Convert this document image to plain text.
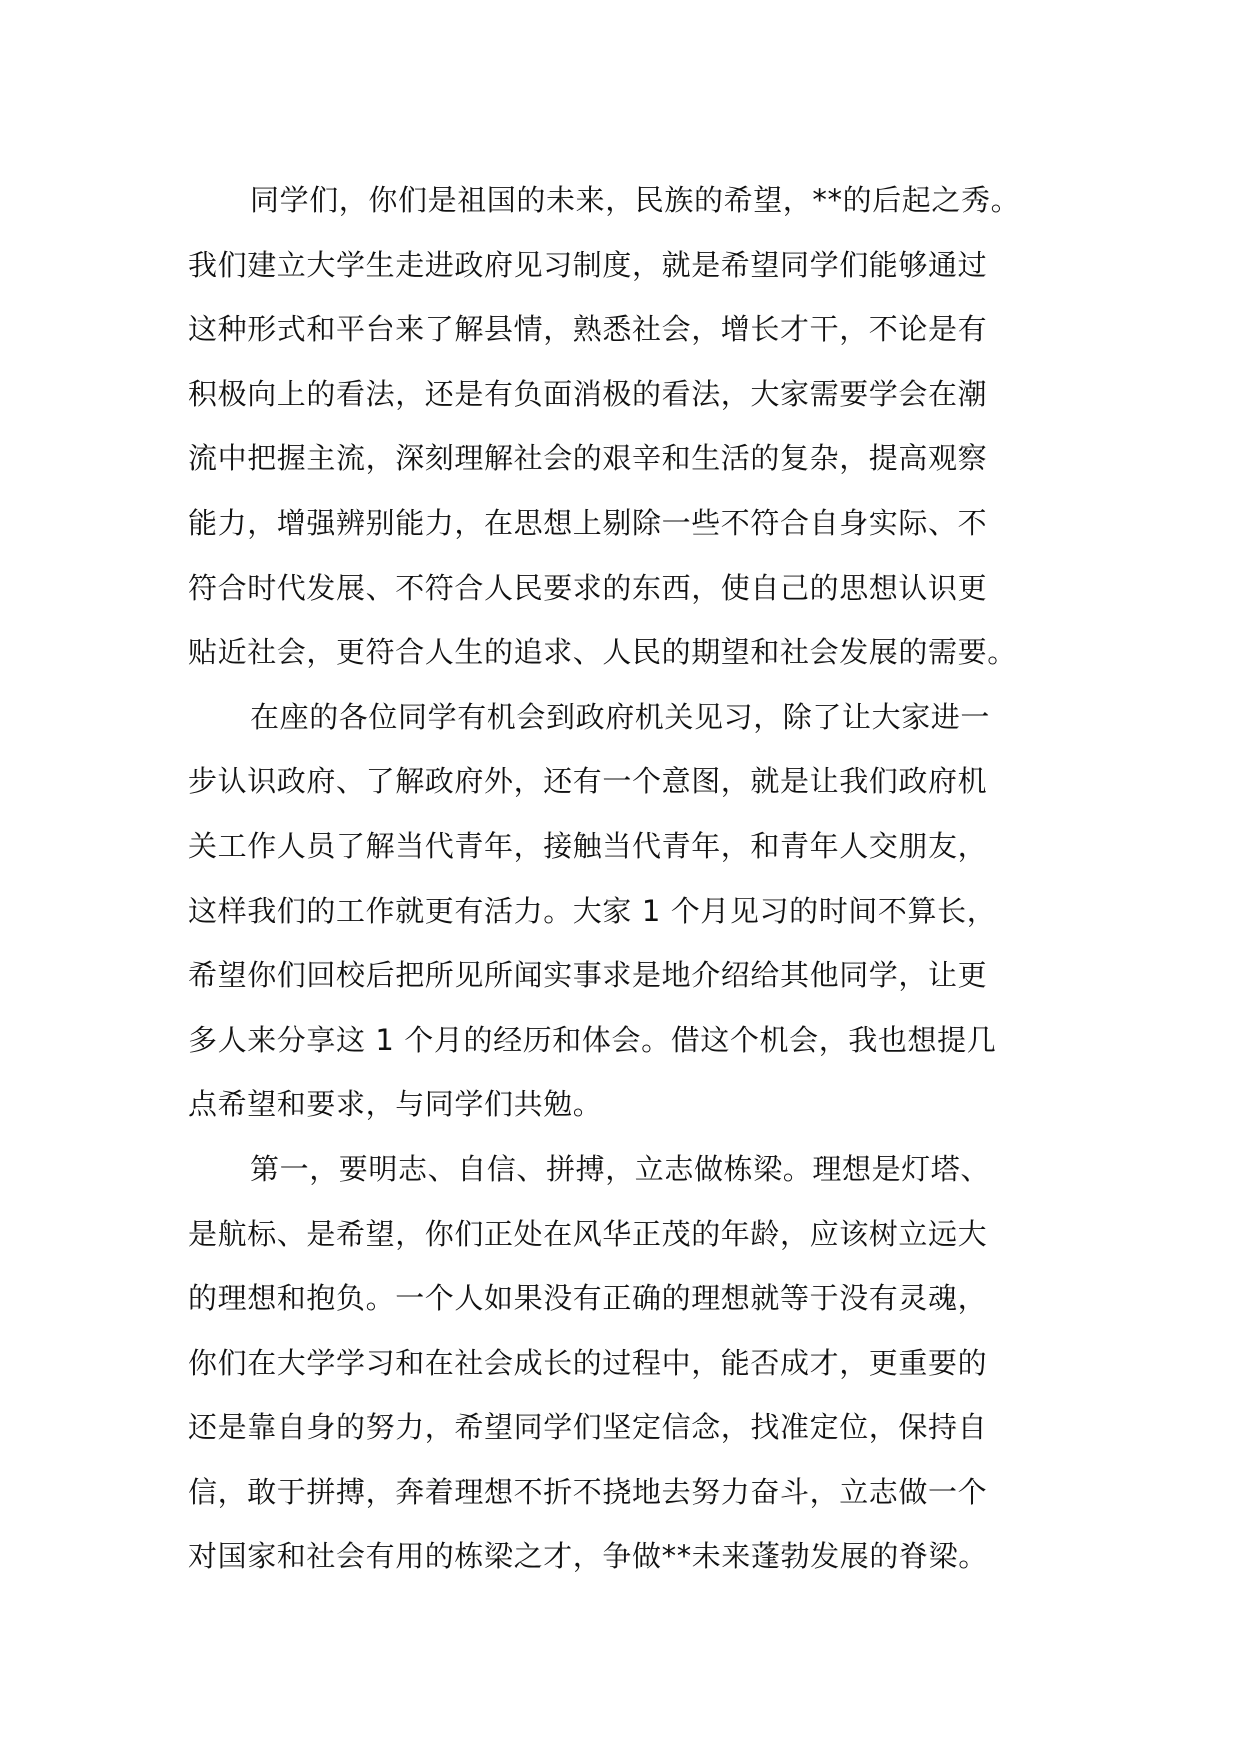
同学们，你们是祖国的未来，民族的希望，**的后起之秀。
我们建立大学生走进政府见习制度，就是希望同学们能够通过
这种形式和平台来了解县情，熟悉社会，增长才干，不论是有
积极向上的看法，还是有负面消极的看法，大家需要学会在潮
流中把握主流，深刻理解社会的艰辛和生活的复杂，提高观察
能力，增强辨别能力，在思想上剔除一些不符合自身实际、不
符合时代发展、不符合人民要求的东西，使自己的思想认识更
贴近社会，更符合人生的追求、人民的期望和社会发展的需要。

在座的各位同学有机会到政府机关见习，除了让大家进一
步认识政府、了解政府外，还有一个意图，就是让我们政府机
关工作人员了解当代青年，接触当代青年，和青年人交朋友，
这样我们的工作就更有活力。大家 1 个月见习的时间不算长，
希望你们回校后把所见所闻实事求是地介绍给其他同学，让更
多人来分享这 1 个月的经历和体会。借这个机会，我也想提几
点希望和要求，与同学们共勉。

第一，要明志、自信、拼搏，立志做栋梁。理想是灯塔、
是航标、是希望，你们正处在风华正茂的年龄，应该树立远大
的理想和抱负。一个人如果没有正确的理想就等于没有灵魂，
你们在大学学习和在社会成长的过程中，能否成才，更重要的
还是靠自身的努力，希望同学们坚定信念，找准定位，保持自
信，敢于拼搏，奔着理想不折不挠地去努力奋斗，立志做一个
对国家和社会有用的栋梁之才，争做**未来蓬勃发展的脊梁。
